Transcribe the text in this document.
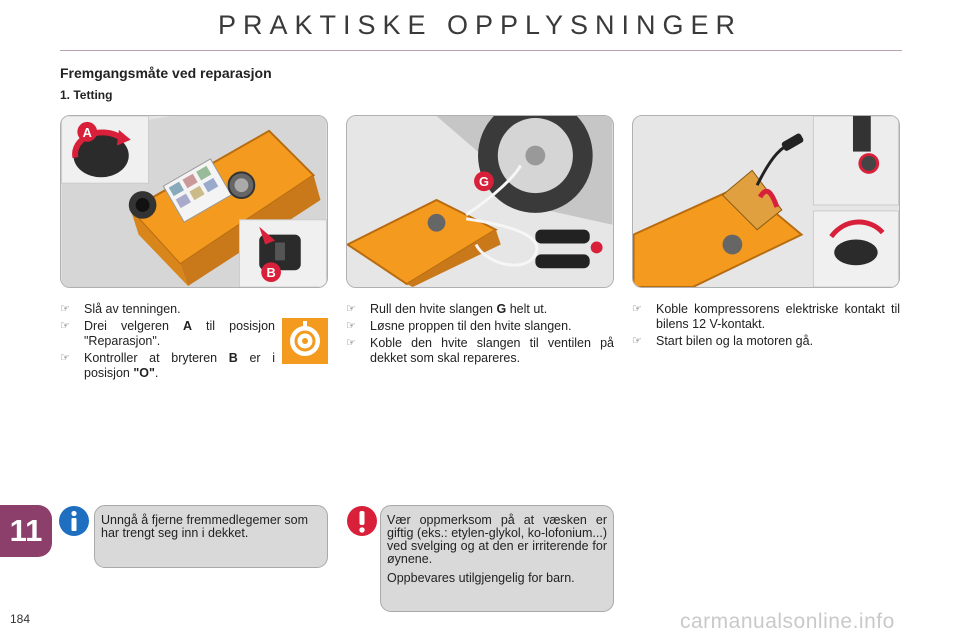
PRAKTISKE OPPLYSNINGER
Fremgangsmåte ved reparasjon
1. Tetting
A
B
G
☞ Slå av tenningen.
☞ Drei velgeren A til posisjon "Reparasjon".
☞ Kontroller at bryteren B er i posisjon "O".
☞ Rull den hvite slangen G helt ut.
☞ Løsne proppen til den hvite slangen.
☞ Koble den hvite slangen til ventilen på dekket som skal repareres.
☞ Koble kompressorens elektriske kontakt til bilens 12 V-kontakt.
☞ Start bilen og la motoren gå.
11
184
Unngå å fjerne fremmedlegemer som har trengt seg inn i dekket.

Vær oppmerksom på at væsken er giftig (eks.: etylen-glykol, ko-lofonium...) ved svelging og at den er irriterende for øynene.

Oppbevares utilgjengelig for barn.

carmanualsonline.info
